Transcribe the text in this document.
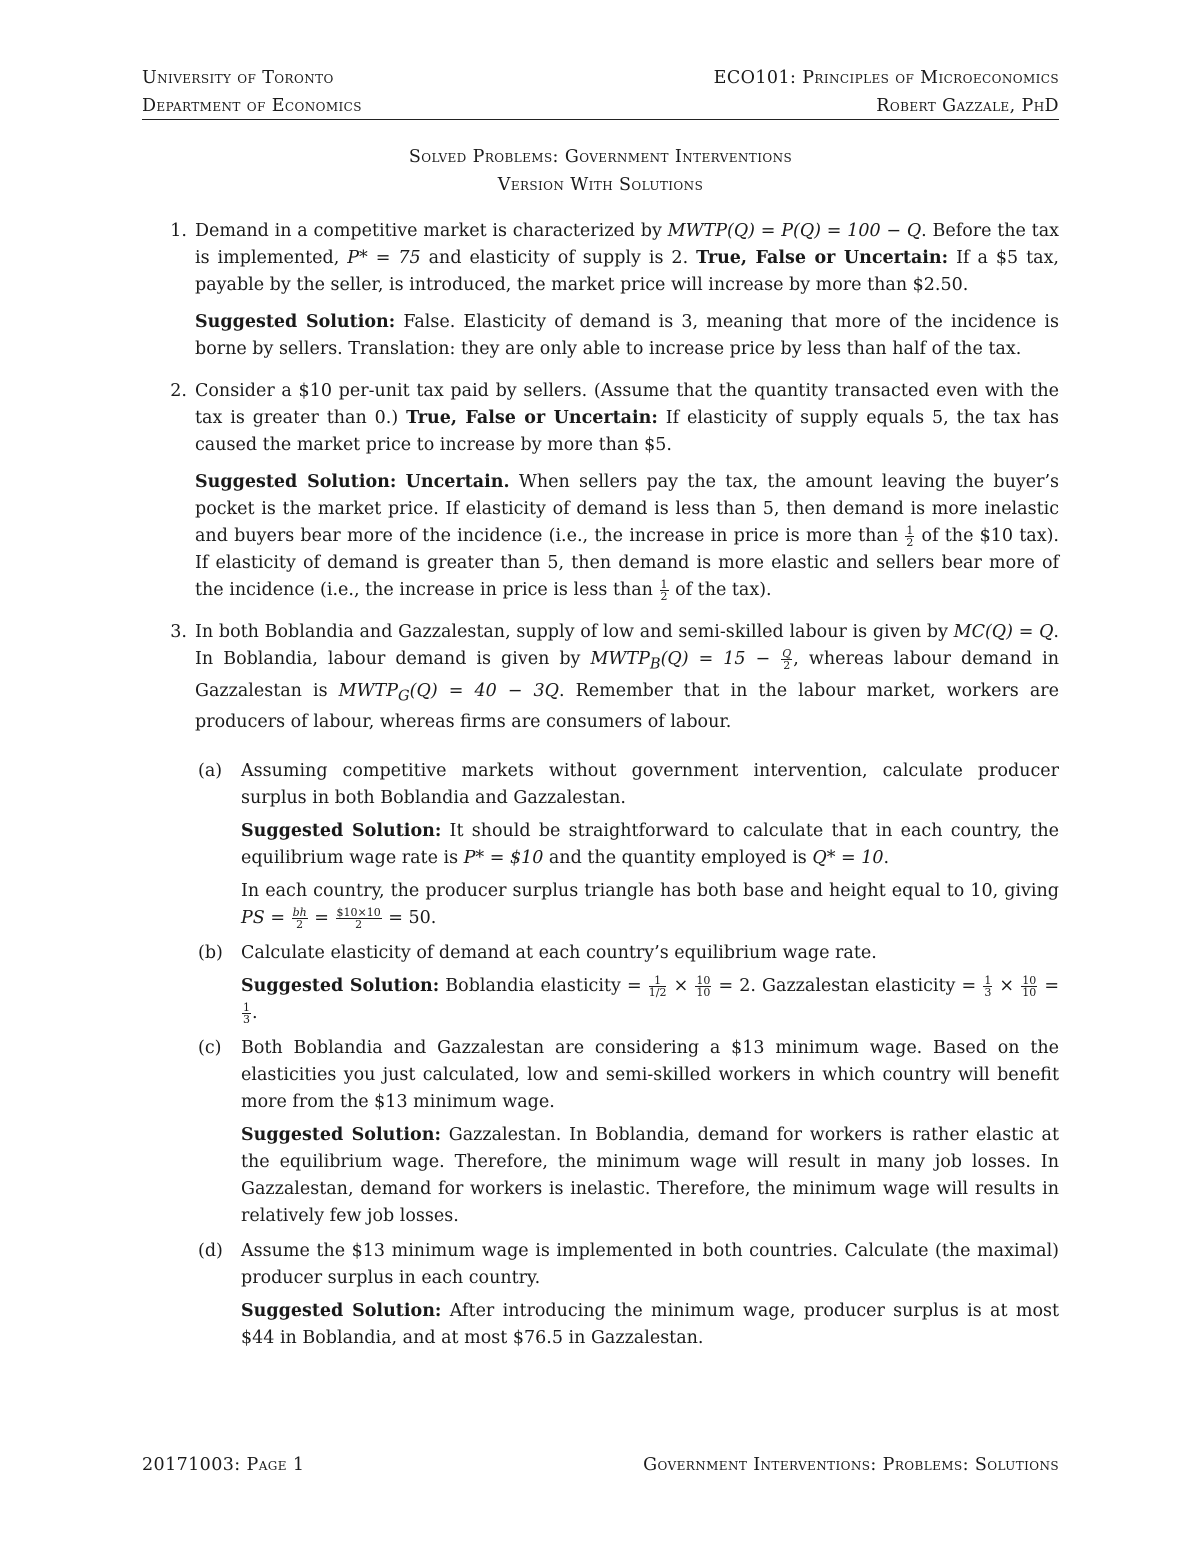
University of Toronto	ECO101: Principles of Microeconomics
Department of Economics	Robert Gazzale, PhD
Solved Problems: Government Interventions
Version With Solutions
1. Demand in a competitive market is characterized by MWTP(Q) = P(Q) = 100 − Q. Before the tax is implemented, P* = 75 and elasticity of supply is 2. True, False or Uncertain: If a $5 tax, payable by the seller, is introduced, the market price will increase by more than $2.50.

Suggested Solution: False. Elasticity of demand is 3, meaning that more of the incidence is borne by sellers. Translation: they are only able to increase price by less than half of the tax.

2. Consider a $10 per-unit tax paid by sellers. (Assume that the quantity transacted even with the tax is greater than 0.) True, False or Uncertain: If elasticity of supply equals 5, the tax has caused the market price to increase by more than $5.

Suggested Solution: Uncertain. When sellers pay the tax, the amount leaving the buyer’s pocket is the market price. If elasticity of demand is less than 5, then demand is more inelastic and buyers bear more of the incidence (i.e., the increase in price is more than $\frac{1}{2}$ of the $10 tax). If elasticity of demand is greater than 5, then demand is more elastic and sellers bear more of the incidence (i.e., the increase in price is less than $\frac{1}{2}$ of the tax).

3. In both Boblandia and Gazzalestan, supply of low and semi-skilled labour is given by MC(Q) = Q. In Boblandia, labour demand is given by $MWTP_B(Q) = 15 - \frac{Q}{2}$ , whereas labour demand in Gazzalestan is $MWTP_G(Q) = 40 - 3Q$. Remember that in the labour market, workers are producers of labour, whereas firms are consumers of labour.

(a)	Assuming competitive markets without government intervention, calculate producer surplus in both Boblandia and Gazzalestan.

Suggested Solution: It should be straightforward to calculate that in each country, the equilibrium wage rate is P* = $10 and the quantity employed is Q* = 10.

In each country, the producer surplus triangle has both base and height equal to 10, giving PS = $\frac{bh}{2} = \frac{\$10\times 10}{2} = 50$.

(b)	Calculate elasticity of demand at each country’s equilibrium wage rate.

Suggested Solution: Boblandia elasticity = $\frac{1}{1/2} \times \frac{10}{10} = 2$. Gazzalestan elasticity = $\frac{1}{3} \times \frac{10}{10}$ =
$\frac{1}{3}$ .

(c)	Both Boblandia and Gazzalestan are considering a $13 minimum wage. Based on the elasticities you just calculated, low and semi-skilled workers in which country will benefit more from the $13 minimum wage.

Suggested Solution: Gazzalestan. In Boblandia, demand for workers is rather elastic at the equilibrium wage. Therefore, the minimum wage will result in many job losses. In Gazzalestan, demand for workers is inelastic. Therefore, the minimum wage will results in relatively few job losses.

(d)	Assume the $13 minimum wage is implemented in both countries. Calculate (the maximal) producer surplus in each country.

Suggested Solution: After introducing the minimum wage, producer surplus is at most $44 in Boblandia, and at most $76.5 in Gazzalestan.

20171003: Page 1	Government Interventions: Problems: Solutions
